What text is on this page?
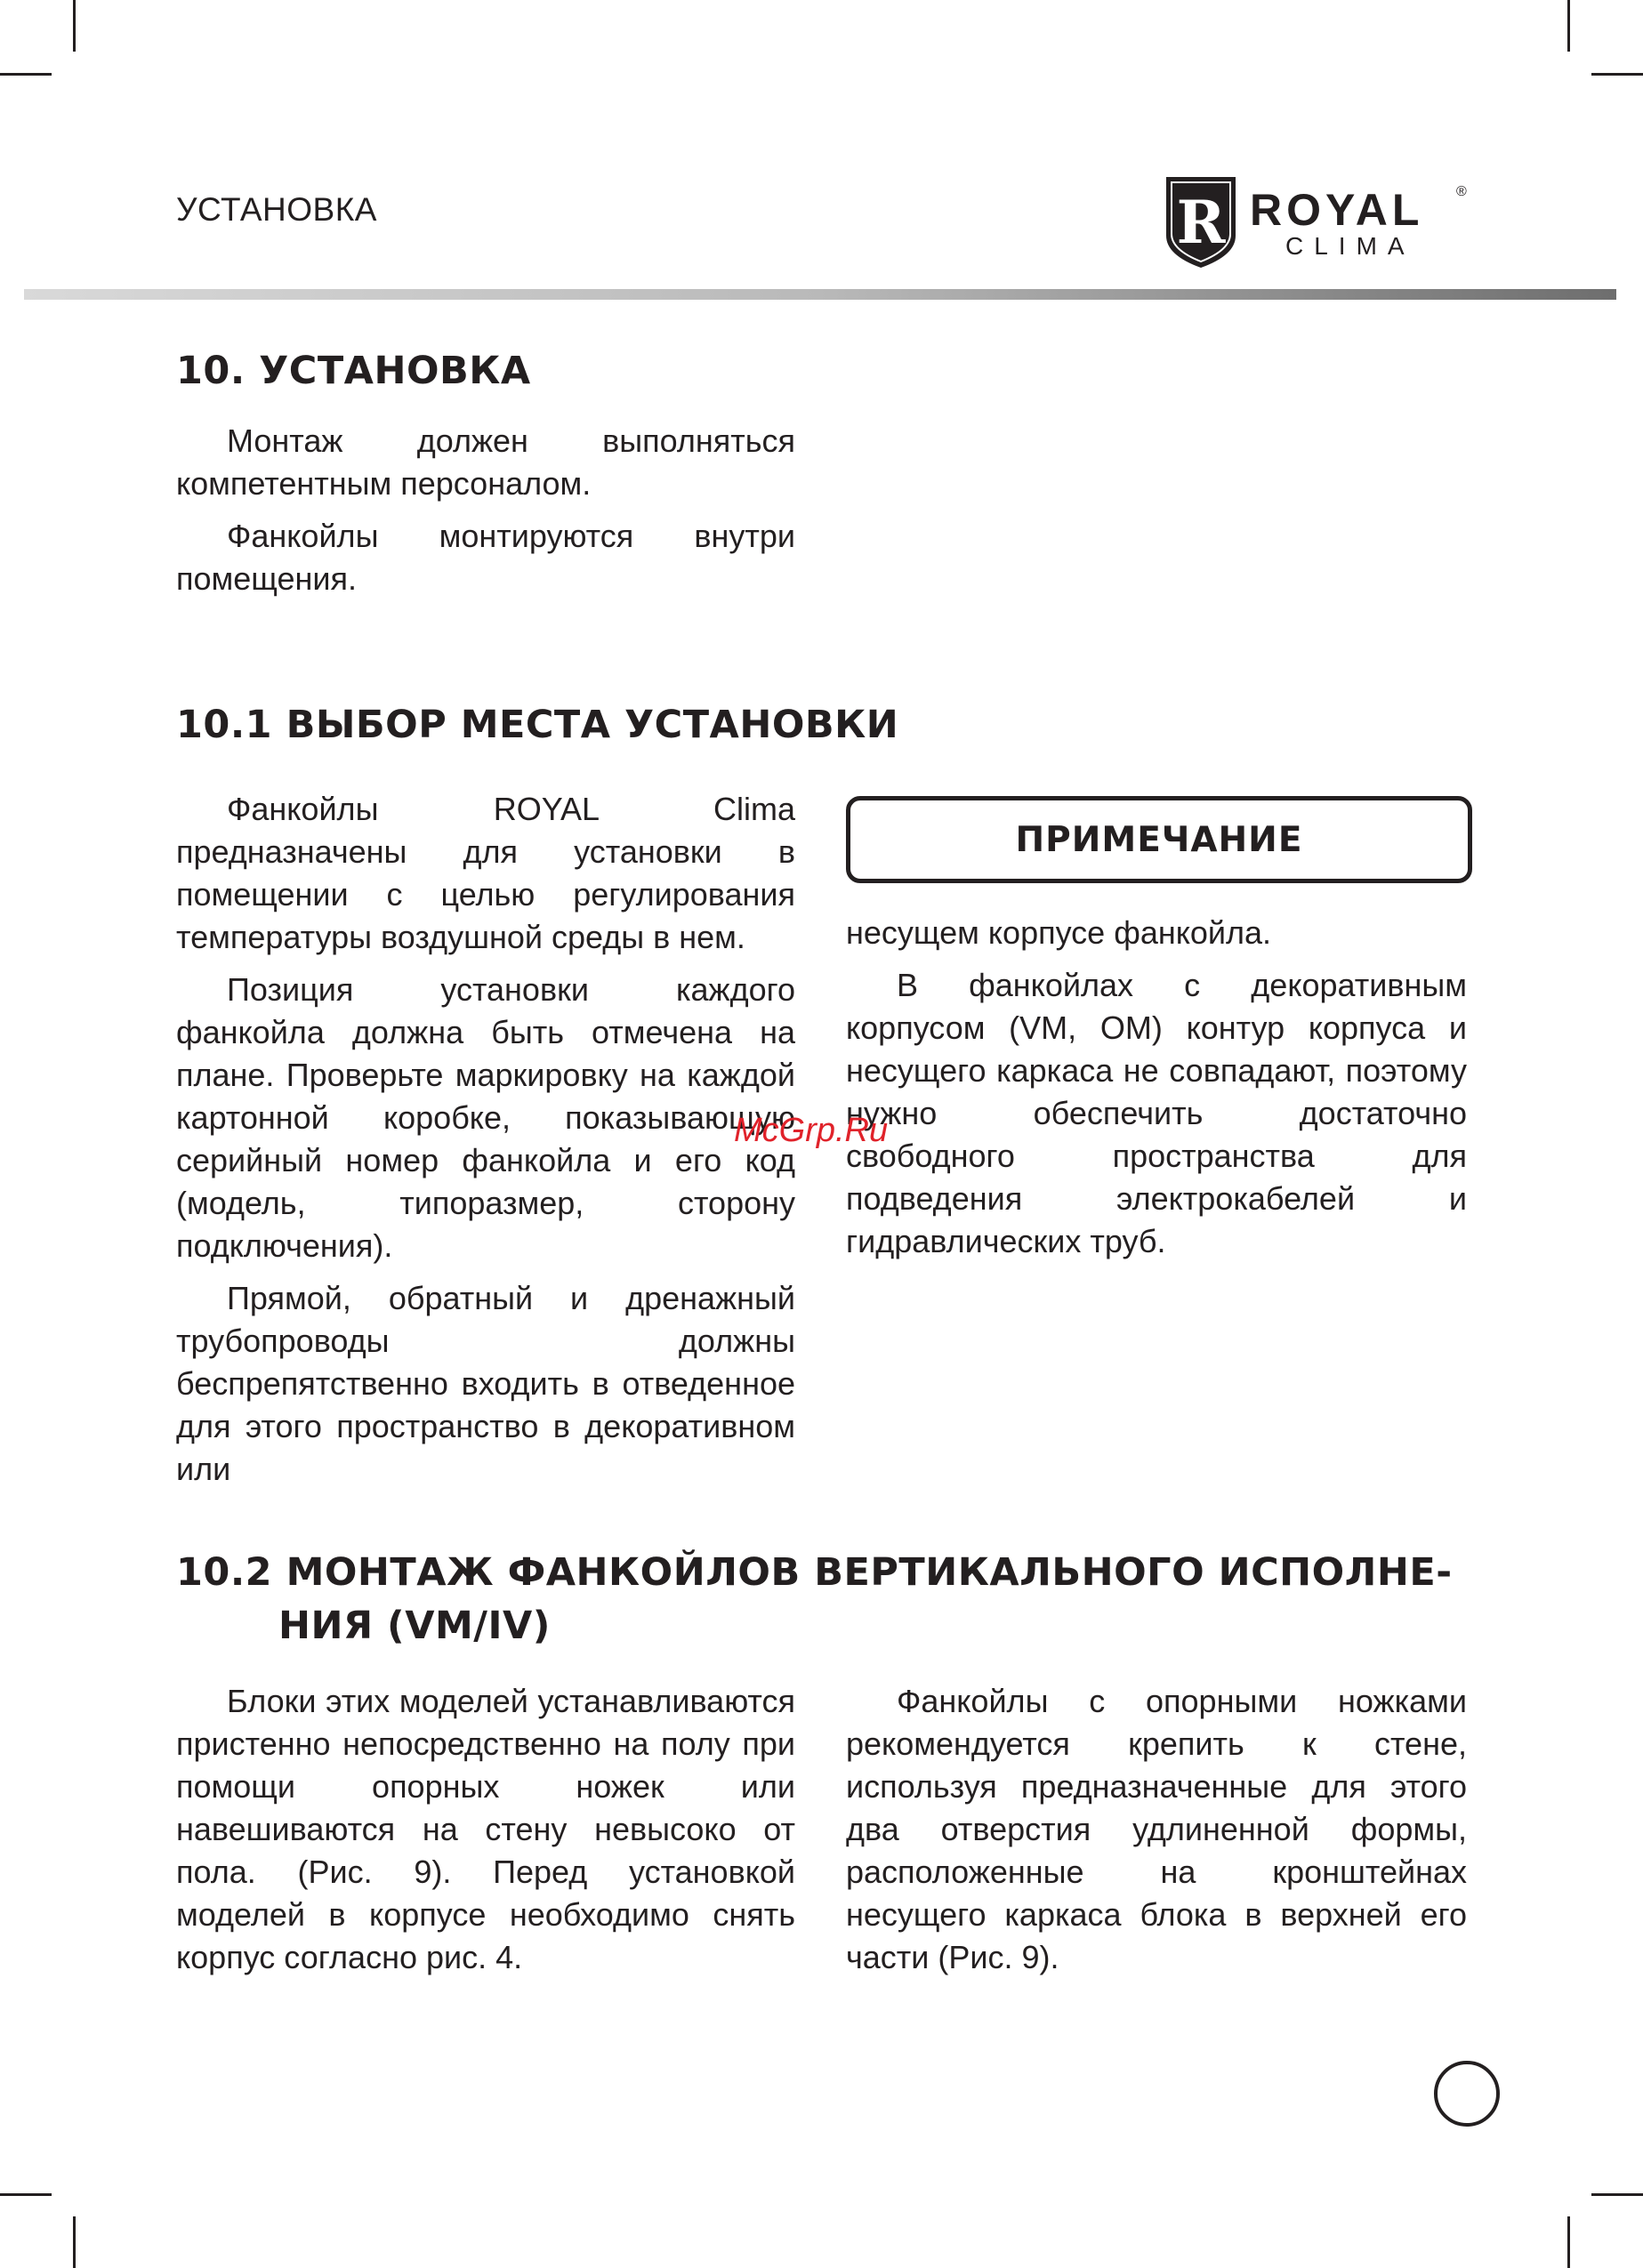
УСТАНОВКА	R ROYAL ®
CLIMA
10. УСТАНОВКА

Монтаж должен выполняться компетентным персоналом.

Фанкойлы монтируются внутри помещения.

10.1 ВЫБОР МЕСТА УСТАНОВКИ

Фанкойлы ROYAL Clima предназначены для установки в помещении с целью регулирования температуры воздушной среды в нем.

Позиция установки каждого фанкойла должна быть отмечена на плане. Проверьте маркировку на каждой картонной коробке, показывающую серийный номер фанкойла и его код (модель, типоразмер, сторону подключения).

Прямой, обратный и дренажный трубопроводы должны беспрепятственно входить в отведенное для этого пространство в декоративном или

ПРИМЕЧАНИЕ

несущем корпусе фанкойла.

В фанкойлах с декоративным корпусом (VM, OM) контур корпуса и несущего каркаса не совпадают, поэтому нужно обеспечить достаточно свободного пространства для подведения электрокабелей и гидравлических труб.

McGrp.Ru
10.2 МОНТАЖ ФАНКОЙЛОВ ВЕРТИКАЛЬНОГО ИСПОЛНЕ-
НИЯ (VM/IV)

Блоки этих моделей устанавливаются пристенно непосредственно на полу при помощи опорных ножек или навешиваются на стену невысоко от пола. (Рис. 9). Перед установкой моделей в корпусе необходимо снять корпус согласно рис. 4.

Фанкойлы с опорными ножками рекомендуется крепить к стене, используя предназначенные для этого два отверстия удлиненной формы, расположенные на кронштейнах несущего каркаса блока в верхней его части (Рис. 9).
